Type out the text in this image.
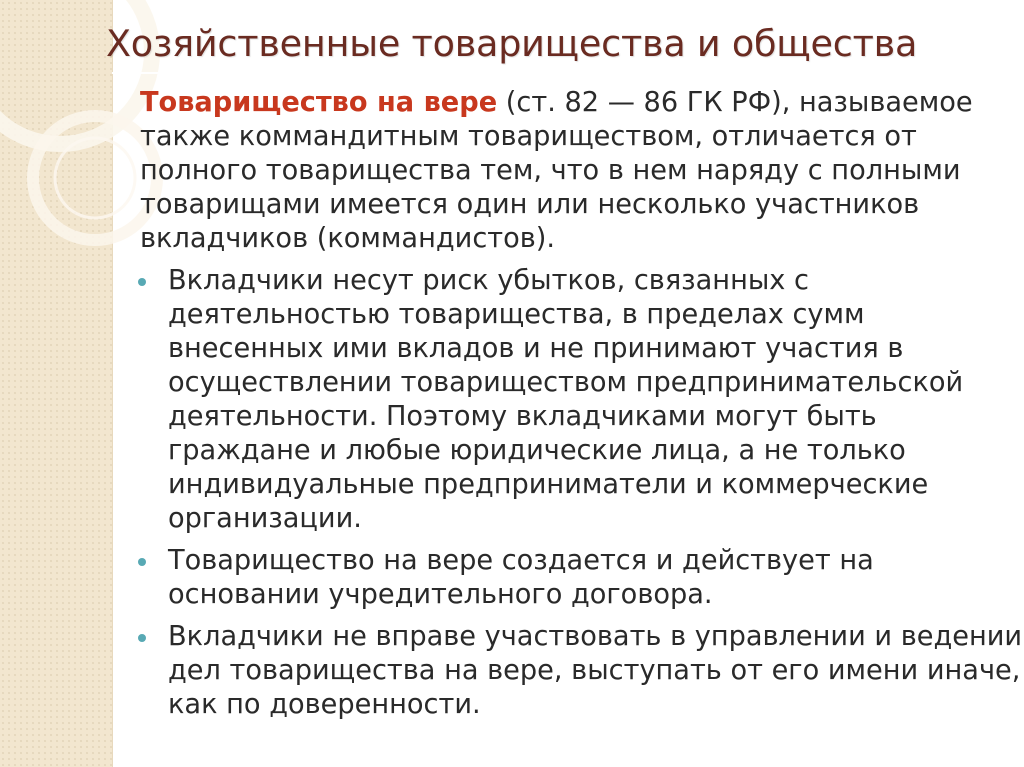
Хозяйственные товарищества и общества

Товарищество на вере (ст. 82 — 86 ГК РФ), называемое также коммандитным товариществом, отличается от полного товарищества тем, что в нем наряду с полными товарищами имеется один или несколько участников вкладчиков (коммандистов).

Вкладчики несут риск убытков, связанных с деятельностью товарищества, в пределах сумм внесенных ими вкладов и не принимают участия в осуществлении товариществом предпринимательской деятельности. Поэтому вкладчиками могут быть граждане и любые юридические лица, а не только индивидуальные предприниматели и коммерческие организации.
Товарищество на вере создается и действует на основании учредительного договора.
Вкладчики не вправе участвовать в управлении и ведении дел товарищества на вере, выступать от его имени иначе, как по доверенности.
